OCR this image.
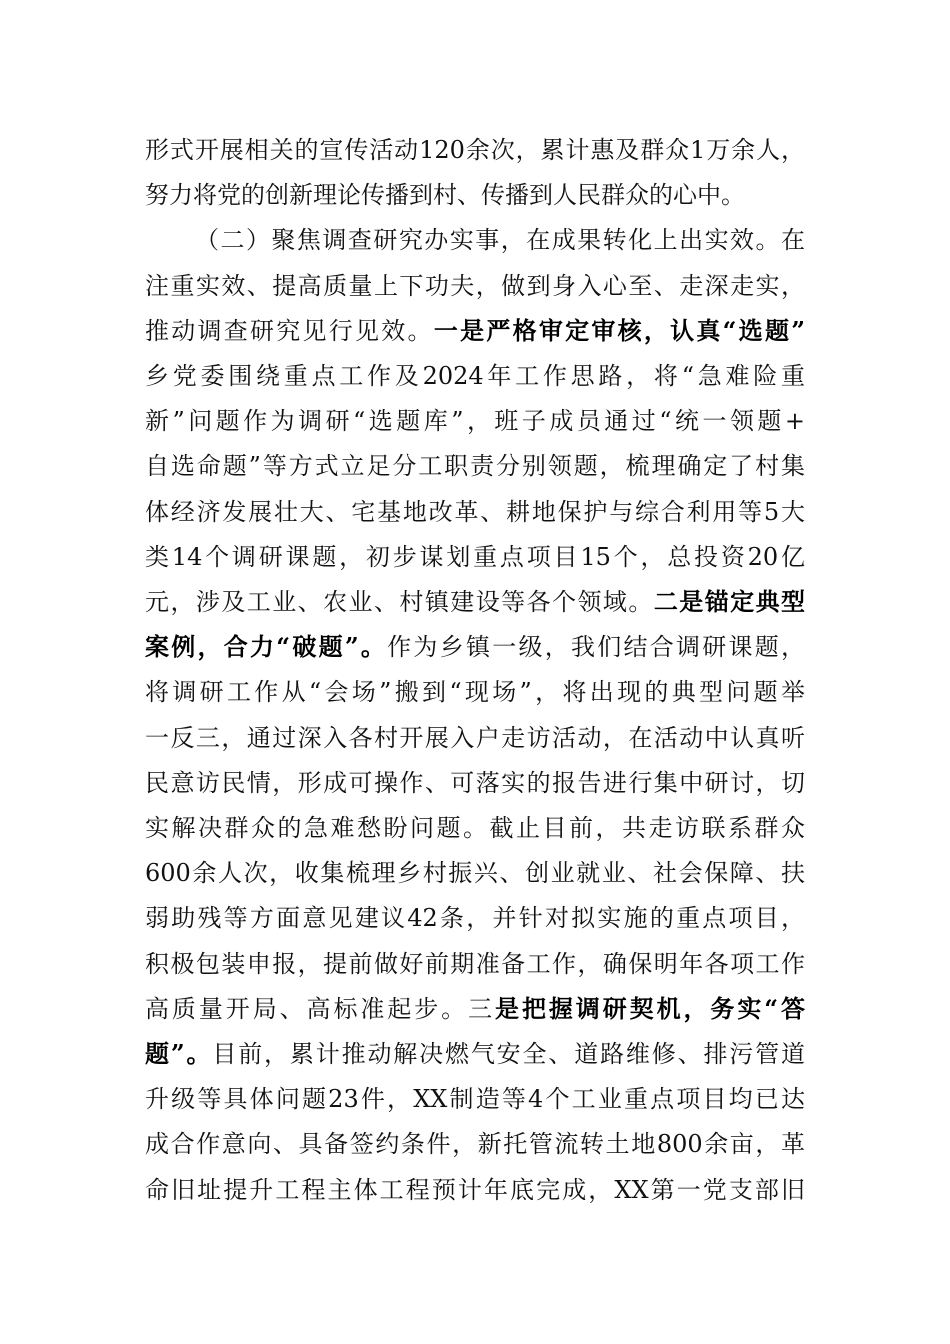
形式开展相关的宣传活动120余次，累计惠及群众1万余人，
努力将党的创新理论传播到村、传播到人民群众的心中。
（二）聚焦调查研究办实事，在成果转化上出实效。在
注重实效、提高质量上下功夫，做到身入心至、走深走实，
推动调查研究见行见效。一是严格审定审核，认真“选题”
乡党委围绕重点工作及2024年工作思路，将“急难险重
新”问题作为调研“选题库”，班子成员通过“统一领题+
自选命题”等方式立足分工职责分别领题，梳理确定了村集
体经济发展壮大、宅基地改革、耕地保护与综合利用等5大
类14个调研课题，初步谋划重点项目15个，总投资20亿
元，涉及工业、农业、村镇建设等各个领域。二是锚定典型
案例，合力“破题”。作为乡镇一级，我们结合调研课题，
将调研工作从“会场”搬到“现场”，将出现的典型问题举
一反三，通过深入各村开展入户走访活动，在活动中认真听
民意访民情，形成可操作、可落实的报告进行集中研讨，切
实解决群众的急难愁盼问题。截止目前，共走访联系群众
600余人次，收集梳理乡村振兴、创业就业、社会保障、扶
弱助残等方面意见建议42条，并针对拟实施的重点项目，
积极包装申报，提前做好前期准备工作，确保明年各项工作
高质量开局、高标准起步。三是把握调研契机，务实“答
题”。目前，累计推动解决燃气安全、道路维修、排污管道
升级等具体问题23件，XX制造等4个工业重点项目均已达
成合作意向、具备签约条件，新托管流转土地800余亩，革
命旧址提升工程主体工程预计年底完成，XX第一党支部旧
